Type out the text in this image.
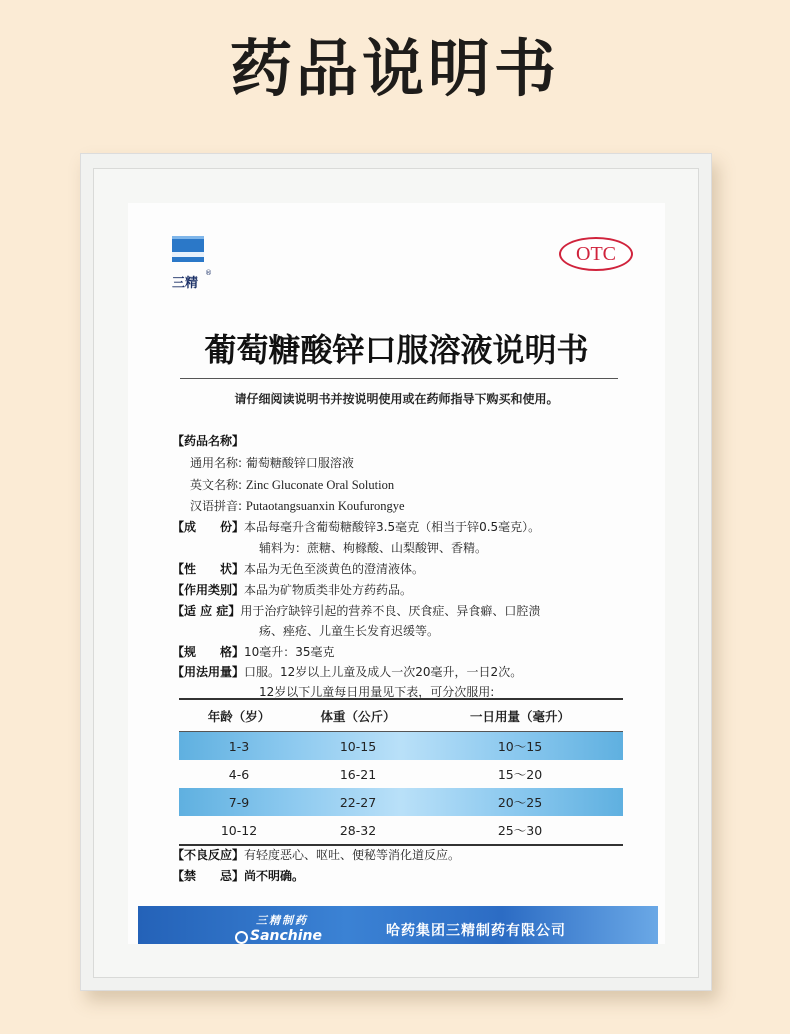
药品说明书
三精
®
OTC
葡萄糖酸锌口服溶液说明书
请仔细阅读说明书并按说明使用或在药师指导下购买和使用。
【药品名称】
通用名称: 葡萄糖酸锌口服溶液
英文名称: Zinc Gluconate Oral Solution
汉语拼音: Putaotangsuanxin Koufurongye
【成　　份】本品每毫升含葡萄糖酸锌3.5毫克（相当于锌0.5毫克）。
辅料为：蔗糖、枸橼酸、山梨酸钾、香精。
【性　　状】本品为无色至淡黄色的澄清液体。
【作用类别】本品为矿物质类非处方药药品。
【适 应 症】用于治疗缺锌引起的营养不良、厌食症、异食癖、口腔溃
疡、痤疮、儿童生长发育迟缓等。
【规　　格】10毫升：35毫克
【用法用量】口服。12岁以上儿童及成人一次20毫升，一日2次。
12岁以下儿童每日用量见下表，可分次服用:
年龄（岁）	体重（公斤）	一日用量（毫升）
1-3	10-15	10～15
4-6	16-21	15～20
7-9	22-27	20～25
10-12	28-32	25～30
【不良反应】有轻度恶心、呕吐、便秘等消化道反应。
【禁　　忌】尚不明确。
三精制药
Sanchine	哈药集团三精制药有限公司
